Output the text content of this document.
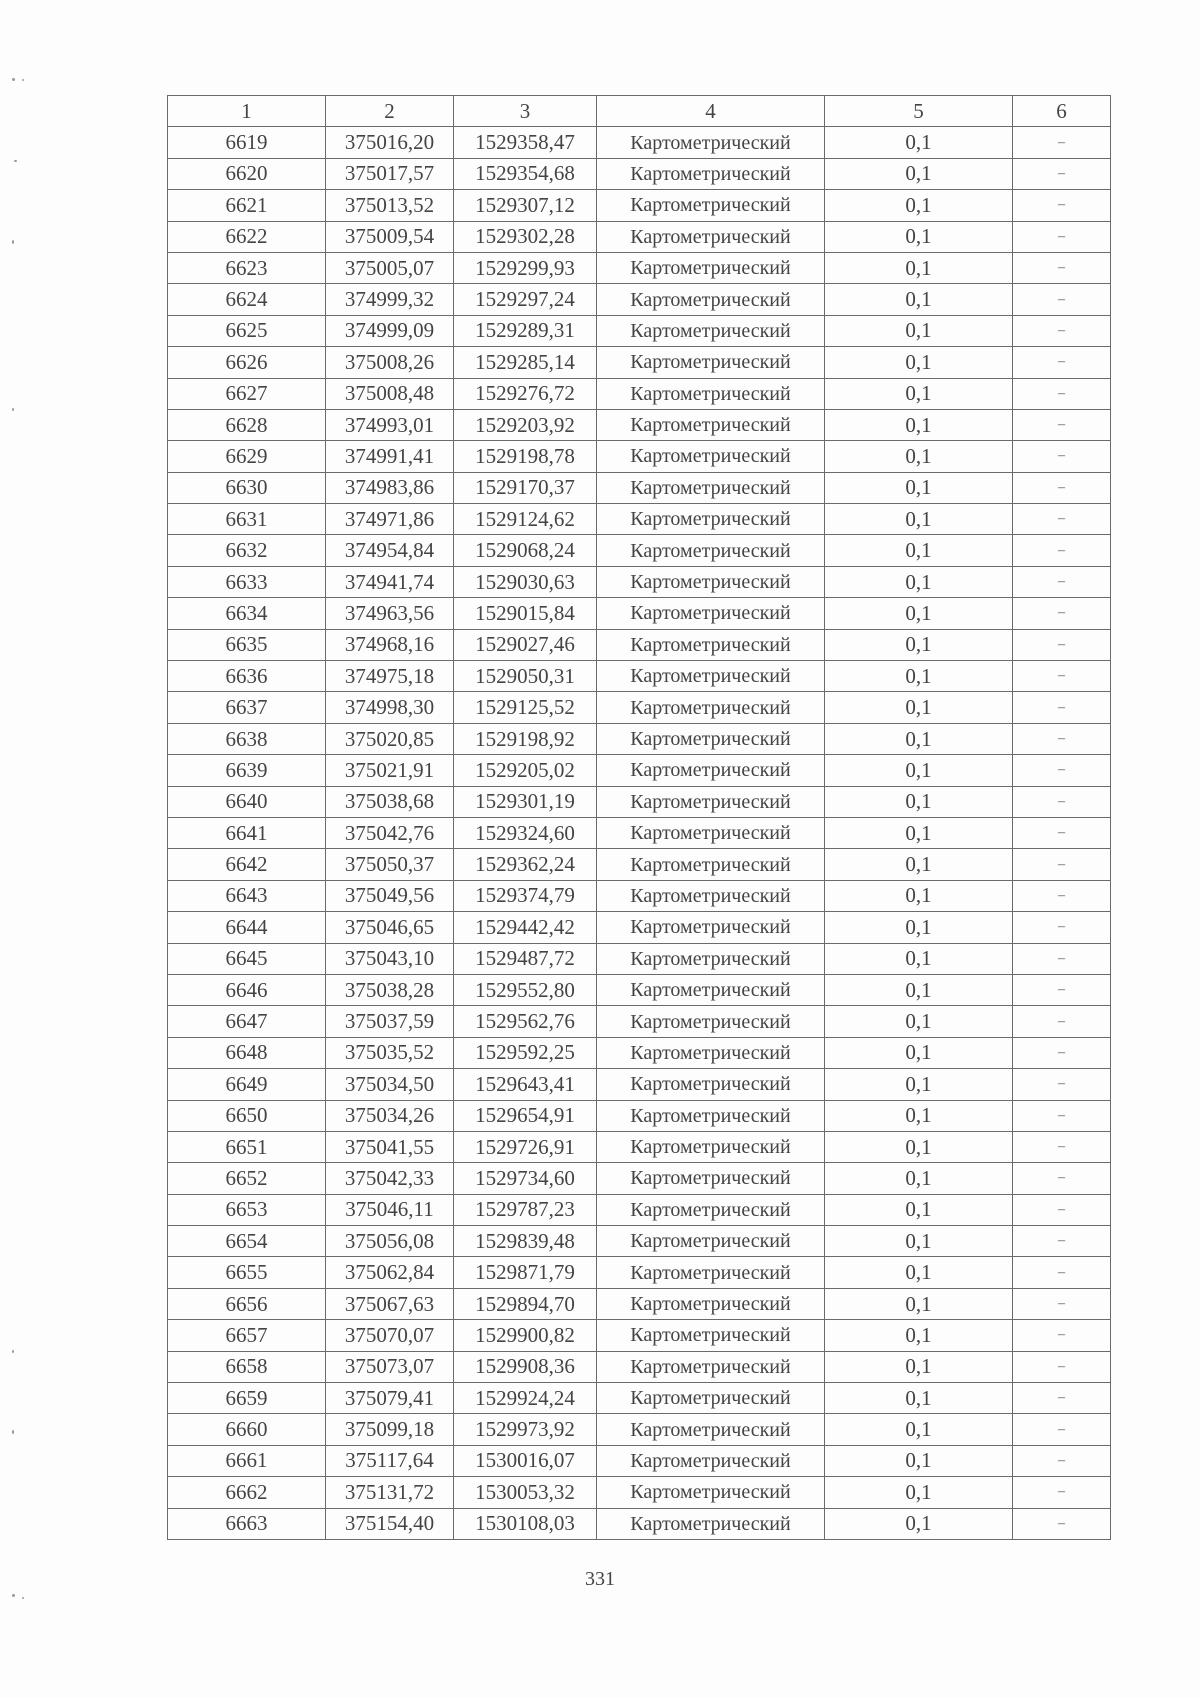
1	2	3	4	5	6
6619	375016,20	1529358,47	Картометрический	0,1	–
6620	375017,57	1529354,68	Картометрический	0,1	–
6621	375013,52	1529307,12	Картометрический	0,1	–
6622	375009,54	1529302,28	Картометрический	0,1	–
6623	375005,07	1529299,93	Картометрический	0,1	–
6624	374999,32	1529297,24	Картометрический	0,1	–
6625	374999,09	1529289,31	Картометрический	0,1	–
6626	375008,26	1529285,14	Картометрический	0,1	–
6627	375008,48	1529276,72	Картометрический	0,1	–
6628	374993,01	1529203,92	Картометрический	0,1	–
6629	374991,41	1529198,78	Картометрический	0,1	–
6630	374983,86	1529170,37	Картометрический	0,1	–
6631	374971,86	1529124,62	Картометрический	0,1	–
6632	374954,84	1529068,24	Картометрический	0,1	–
6633	374941,74	1529030,63	Картометрический	0,1	–
6634	374963,56	1529015,84	Картометрический	0,1	–
6635	374968,16	1529027,46	Картометрический	0,1	–
6636	374975,18	1529050,31	Картометрический	0,1	–
6637	374998,30	1529125,52	Картометрический	0,1	–
6638	375020,85	1529198,92	Картометрический	0,1	–
6639	375021,91	1529205,02	Картометрический	0,1	–
6640	375038,68	1529301,19	Картометрический	0,1	–
6641	375042,76	1529324,60	Картометрический	0,1	–
6642	375050,37	1529362,24	Картометрический	0,1	–
6643	375049,56	1529374,79	Картометрический	0,1	–
6644	375046,65	1529442,42	Картометрический	0,1	–
6645	375043,10	1529487,72	Картометрический	0,1	–
6646	375038,28	1529552,80	Картометрический	0,1	–
6647	375037,59	1529562,76	Картометрический	0,1	–
6648	375035,52	1529592,25	Картометрический	0,1	–
6649	375034,50	1529643,41	Картометрический	0,1	–
6650	375034,26	1529654,91	Картометрический	0,1	–
6651	375041,55	1529726,91	Картометрический	0,1	–
6652	375042,33	1529734,60	Картометрический	0,1	–
6653	375046,11	1529787,23	Картометрический	0,1	–
6654	375056,08	1529839,48	Картометрический	0,1	–
6655	375062,84	1529871,79	Картометрический	0,1	–
6656	375067,63	1529894,70	Картометрический	0,1	–
6657	375070,07	1529900,82	Картометрический	0,1	–
6658	375073,07	1529908,36	Картометрический	0,1	–
6659	375079,41	1529924,24	Картометрический	0,1	–
6660	375099,18	1529973,92	Картометрический	0,1	–
6661	375117,64	1530016,07	Картометрический	0,1	–
6662	375131,72	1530053,32	Картометрический	0,1	–
6663	375154,40	1530108,03	Картометрический	0,1	–
331
